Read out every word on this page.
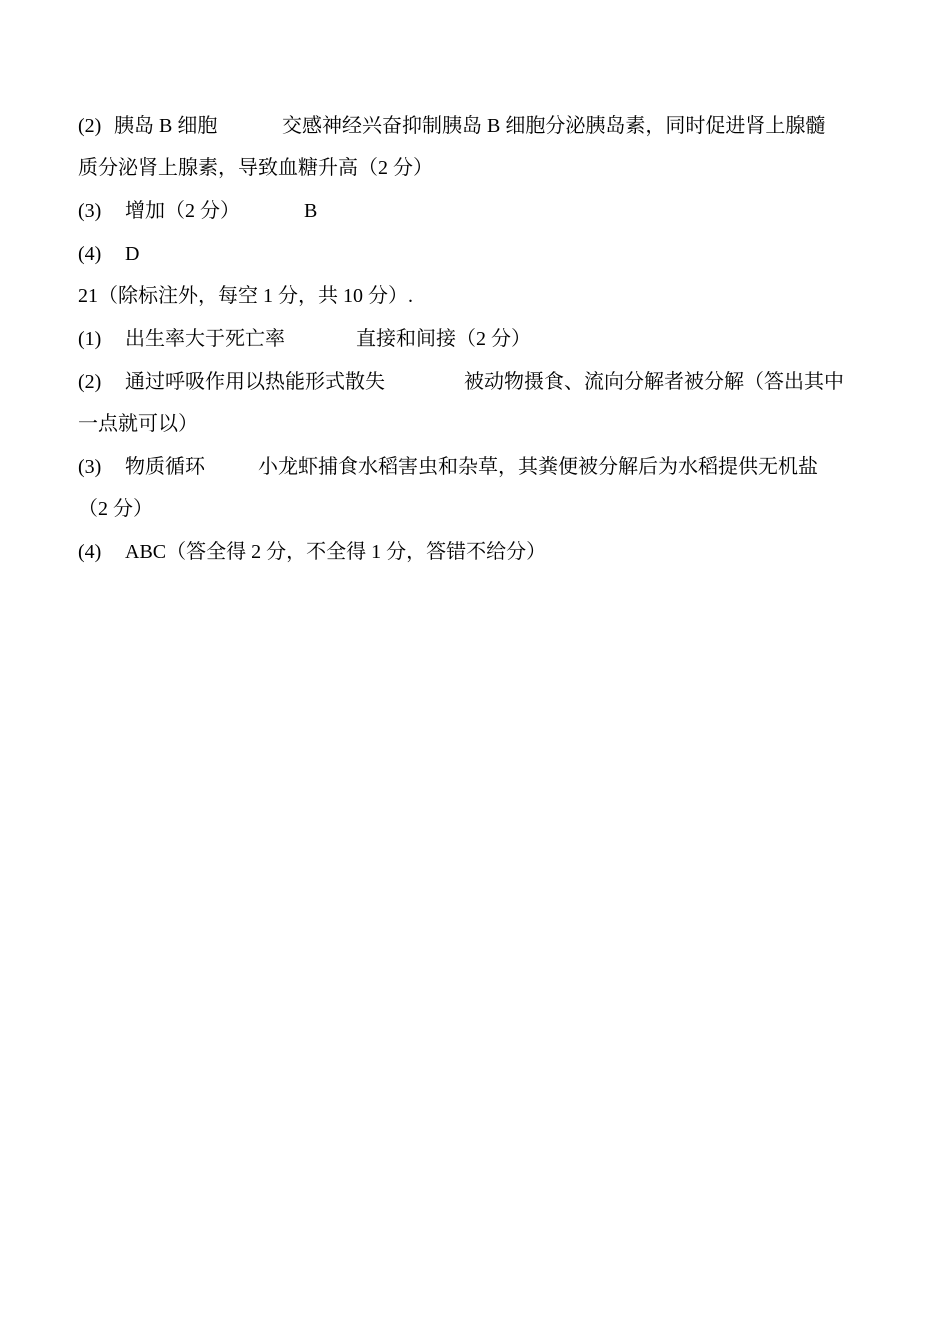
(2) 胰岛 B 细胞	交感神经兴奋抑制胰岛 B 细胞分泌胰岛素，同时促进肾上腺髓
质分泌肾上腺素，导致血糖升高（2 分）
(3) 增加（2 分）	B
(4) D
21（除标注外，每空 1 分，共 10 分）.
(1) 出生率大于死亡率	直接和间接（2 分）
(2) 通过呼吸作用以热能形式散失	被动物摄食、流向分解者被分解（答出其中
一点就可以）
(3) 物质循环	小龙虾捕食水稻害虫和杂草，其粪便被分解后为水稻提供无机盐
（2 分）
(4) ABC（答全得 2 分，不全得 1 分，答错不给分）
